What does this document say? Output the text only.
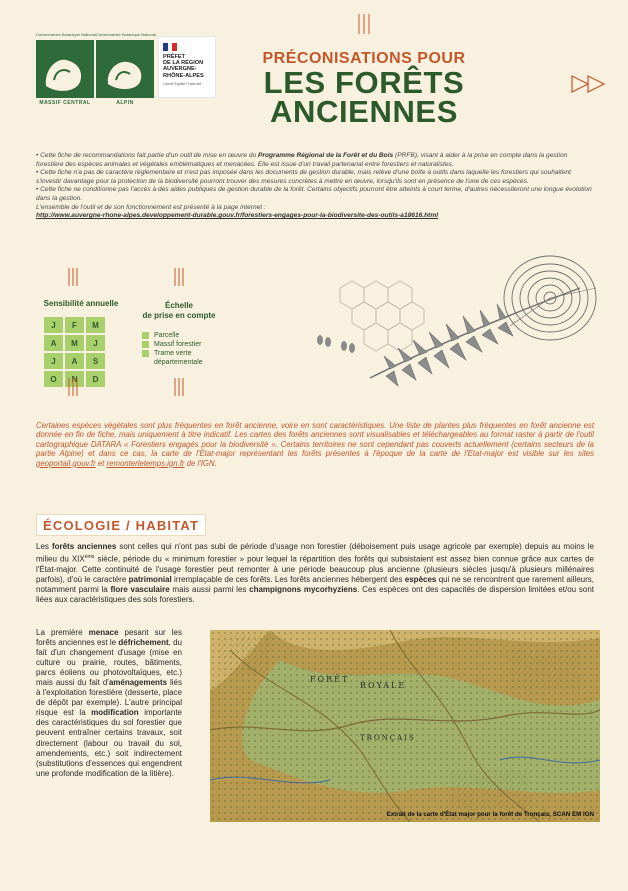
Conservatoire Botanique National
MASSIF CENTRAL
Conservatoire Botanique National
ALPIN
PRÉFET
DE LA RÉGION
AUVERGNE-
RHÔNE-ALPES
Liberté Égalité Fraternité
PRÉCONISATIONS POUR
LES FORÊTS
ANCIENNES

• Cette fiche de recommandations fait partie d'un outil de mise en œuvre du Programme Régional de la Forêt et du Bois (PRFB), visant à aider à la prise en compte dans la gestion forestière des espèces animales et végétales emblématiques et menacées. Elle est issue d'un travail partenarial entre forestiers et naturalistes.

• Cette fiche n'a pas de caractère réglementaire et n'est pas imposée dans les documents de gestion durable, mais relève d'une boîte à outils dans laquelle les forestiers qui souhaitent s'investir davantage pour la protection de la biodiversité pourront trouver des mesures concrètes à mettre en œuvre, lorsqu'ils sont en présence de l'une de ces espèces.

• Cette fiche ne conditionne pas l'accès à des aides publiques de gestion durable de la forêt. Certains objectifs pourront être atteints à court terme, d'autres nécessiteront une longue évolution dans la gestion.

L'ensemble de l'outil et de son fonctionnement est présenté à la page internet :

http://www.auvergne-rhone-alpes.developpement-durable.gouv.fr/forestiers-engages-pour-la-biodiversite-des-outils-a18616.html

Sensibilité annuelle
J	F	M
A	M	J
J	A	S
O	N	D
Échelle
de prise en compte
Parcelle
Massif forestier
Trame verte
départementale
Certaines espèces végétales sont plus fréquentes en forêt ancienne, voire en sont caractéristiques. Une liste de plantes plus fréquentes en forêt ancienne est donnée en fin de fiche, mais uniquement à titre indicatif. Les cartes des forêts anciennes sont visualisables et téléchargeables au format raster à partir de l'outil cartographique DATARA « Forestiers engagés pour la biodiversité ». Certains territoires ne sont cependant pas couverts actuellement (certains secteurs de la partie Alpine) et dans ce cas, la carte de l'État-major représentant les forêts présentes à l'époque de la carte de l'Etat-major est visible sur les sites geoportail.gouv.fr et remonterletemps.ign.fr de l'IGN.
ÉCOLOGIE / HABITAT
Les forêts anciennes sont celles qui n'ont pas subi de période d'usage non forestier (déboisement puis usage agricole par exemple) depuis au moins le milieu du XIXème siècle, période du « minimum forestier » pour lequel la répartition des forêts qui subsistaient est assez bien connue grâce aux cartes de l'État-major. Cette continuité de l'usage forestier peut remonter à une période beaucoup plus ancienne (plusieurs siècles jusqu'à plusieurs millénaires parfois), d'où le caractère patrimonial irremplaçable de ces forêts. Les forêts anciennes hébergent des espèces qui ne se rencontrent que rarement ailleurs, notamment parmi la flore vasculaire mais aussi parmi les champignons mycorhyziens. Ces espèces ont des capacités de dispersion limitées et/ou sont liées aux caractéristiques des sols forestiers.
La première menace pesant sur les forêts anciennes est le défrichement, du fait d'un changement d'usage (mise en culture ou prairie, routes, bâtiments, parcs éoliens ou photovoltaïques, etc.) mais aussi du fait d'aménagements liés à l'exploitation forestière (desserte, place de dépôt par exemple). L'autre principal risque est la modification importante des caractéristiques du sol forestier que peuvent entraîner certains travaux, soit directement (labour ou travail du sol, amendements, etc.) soit indirectement (substitutions d'essences qui engendrent une profonde modification de la litière).
FORÊT
ROYALE
TRONÇAIS
Extrait de la carte d'État major pour la forêt de Tronçais, SCAN EM IGN
